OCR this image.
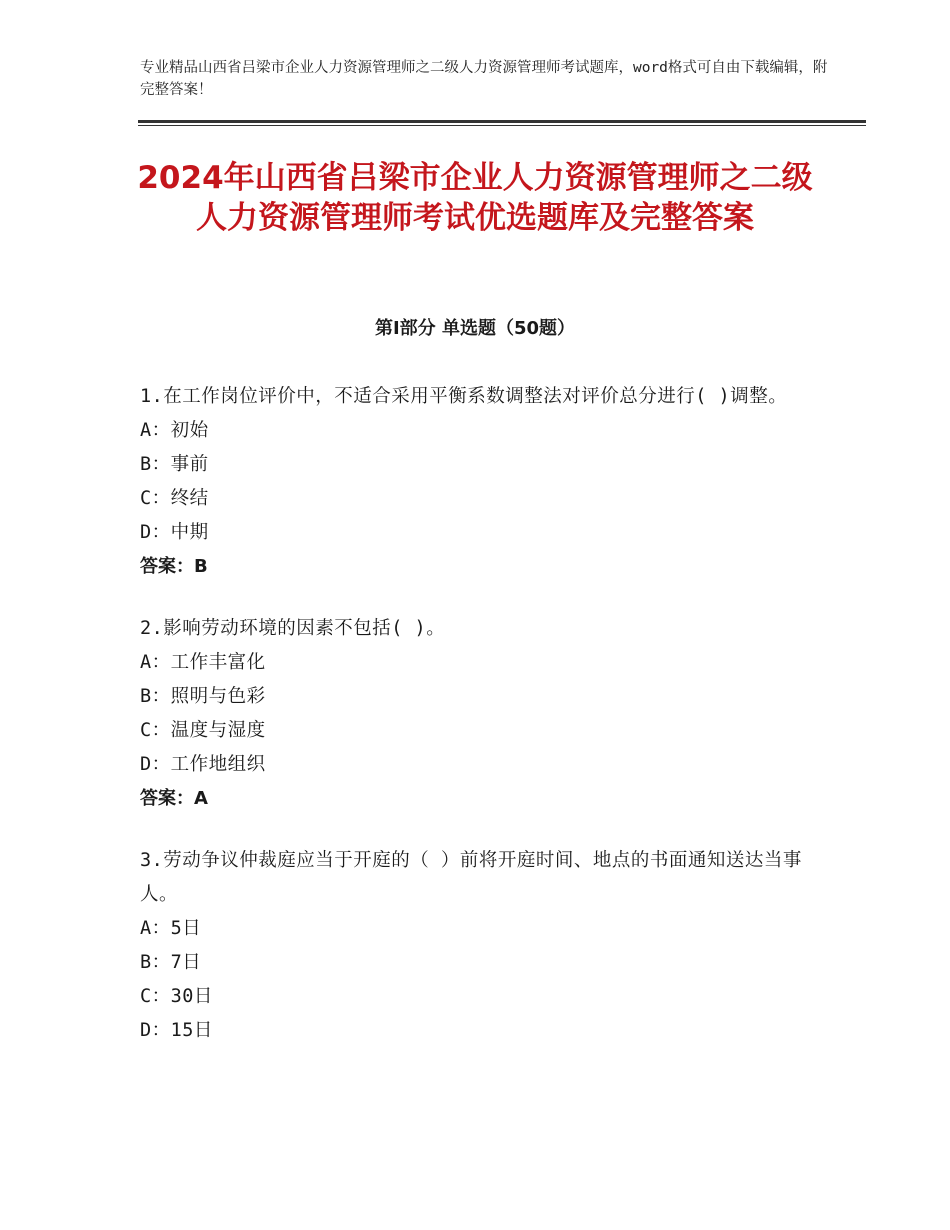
专业精品山西省吕梁市企业人力资源管理师之二级人力资源管理师考试题库，word格式可自由下载编辑，附完整答案！
2024年山西省吕梁市企业人力资源管理师之二级人力资源管理师考试优选题库及完整答案
第Ⅰ部分 单选题（50题）
1.在工作岗位评价中，不适合采用平衡系数调整法对评价总分进行( )调整。
A：初始
B：事前
C：终结
D：中期
答案：B
2.影响劳动环境的因素不包括( )。
A：工作丰富化
B：照明与色彩
C：温度与湿度
D：工作地组织
答案：A
3.劳动争议仲裁庭应当于开庭的（ ）前将开庭时间、地点的书面通知送达当事人。
A：5日
B：7日
C：30日
D：15日
